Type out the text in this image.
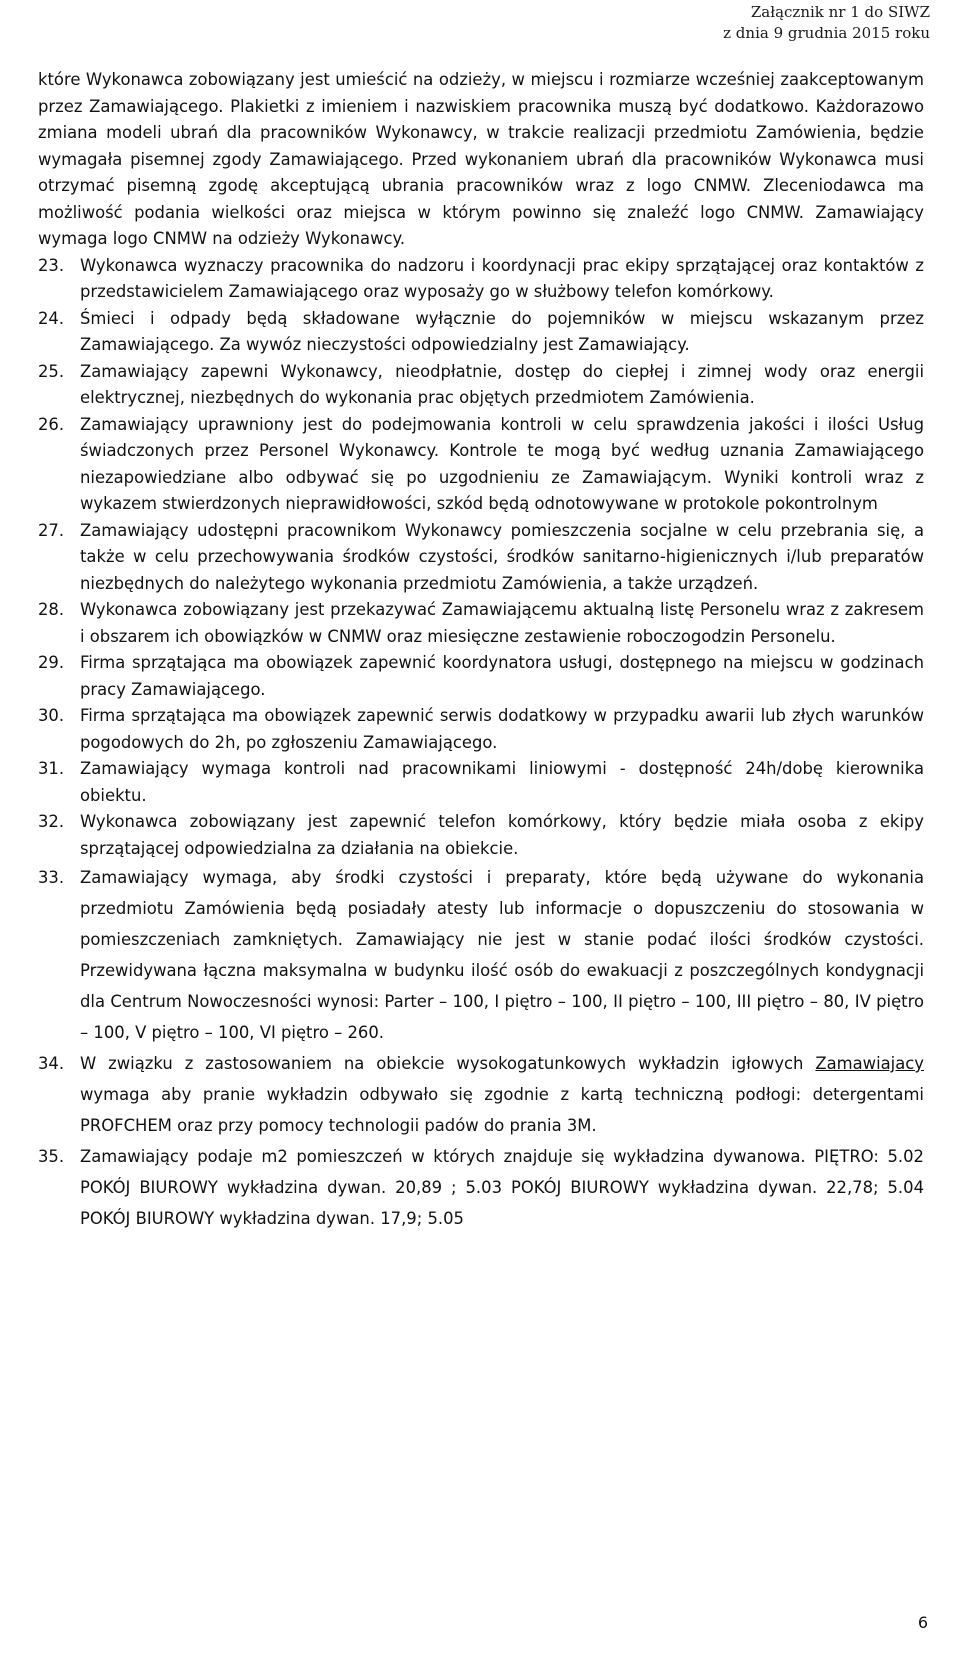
Załącznik nr 1 do SIWZ
z dnia 9 grudnia 2015 roku

które Wykonawca zobowiązany jest umieścić na odzieży, w miejscu i rozmiarze wcześniej zaakceptowanym przez Zamawiającego. Plakietki z imieniem i nazwiskiem pracownika muszą być dodatkowo. Każdorazowo zmiana modeli ubrań dla pracowników Wykonawcy, w trakcie realizacji przedmiotu Zamówienia, będzie wymagała pisemnej zgody Zamawiającego. Przed wykonaniem ubrań dla pracowników Wykonawca musi otrzymać pisemną zgodę akceptującą ubrania pracowników wraz z logo CNMW. Zleceniodawca ma możliwość podania wielkości oraz miejsca w którym powinno się znaleźć logo CNMW. Zamawiający wymaga logo CNMW na odzieży Wykonawcy.

23. Wykonawca wyznaczy pracownika do nadzoru i koordynacji prac ekipy sprzątającej oraz kontaktów z przedstawicielem Zamawiającego oraz wyposaży go w służbowy telefon komórkowy.
24. Śmieci i odpady będą składowane wyłącznie do pojemników w miejscu wskazanym przez Zamawiającego. Za wywóz nieczystości odpowiedzialny jest Zamawiający.
25. Zamawiający zapewni Wykonawcy, nieodpłatnie, dostęp do ciepłej i zimnej wody oraz energii elektrycznej, niezbędnych do wykonania prac objętych przedmiotem Zamówienia.
26. Zamawiający uprawniony jest do podejmowania kontroli w celu sprawdzenia jakości i ilości Usług świadczonych przez Personel Wykonawcy. Kontrole te mogą być według uznania Zamawiającego niezapowiedziane albo odbywać się po uzgodnieniu ze Zamawiającym. Wyniki kontroli wraz z wykazem stwierdzonych nieprawidłowości, szkód będą odnotowywane w protokole pokontrolnym
27. Zamawiający udostępni pracownikom Wykonawcy pomieszczenia socjalne w celu przebrania się, a także w celu przechowywania środków czystości, środków sanitarno-higienicznych i/lub preparatów niezbędnych do należytego wykonania przedmiotu Zamówienia, a także urządzeń.
28. Wykonawca zobowiązany jest przekazywać Zamawiającemu aktualną listę Personelu wraz z zakresem i obszarem ich obowiązków w CNMW oraz miesięczne zestawienie roboczogodzin Personelu.
29. Firma sprzątająca ma obowiązek zapewnić koordynatora usługi, dostępnego na miejscu w godzinach pracy Zamawiającego.
30. Firma sprzątająca ma obowiązek zapewnić serwis dodatkowy w przypadku awarii lub złych warunków pogodowych do 2h, po zgłoszeniu Zamawiającego.
31. Zamawiający wymaga kontroli nad pracownikami liniowymi - dostępność 24h/dobę kierownika obiektu.
32. Wykonawca zobowiązany jest zapewnić telefon komórkowy, który będzie miała osoba z ekipy sprzątającej odpowiedzialna za działania na obiekcie.
33. Zamawiający wymaga, aby środki czystości i preparaty, które będą używane do wykonania przedmiotu Zamówienia będą posiadały atesty lub informacje o dopuszczeniu do stosowania w pomieszczeniach zamkniętych. Zamawiający nie jest w stanie podać ilości środków czystości. Przewidywana łączna maksymalna w budynku ilość osób do ewakuacji z poszczególnych kondygnacji dla Centrum Nowoczesności wynosi: Parter – 100, I piętro – 100, II piętro – 100, III piętro – 80, IV piętro – 100, V piętro – 100, VI piętro – 260.
34. W związku z zastosowaniem na obiekcie wysokogatunkowych wykładzin igłowych Zamawiajacy wymaga aby pranie wykładzin odbywało się zgodnie z kartą techniczną podłogi: detergentami PROFCHEM oraz przy pomocy technologii padów do prania 3M.
35. Zamawiający podaje m2 pomieszczeń w których znajduje się wykładzina dywanowa. PIĘTRO: 5.02 POKÓJ BIUROWY wykładzina dywan. 20,89 ; 5.03 POKÓJ BIUROWY wykładzina dywan. 22,78; 5.04 POKÓJ BIUROWY wykładzina dywan. 17,9; 5.05
6
